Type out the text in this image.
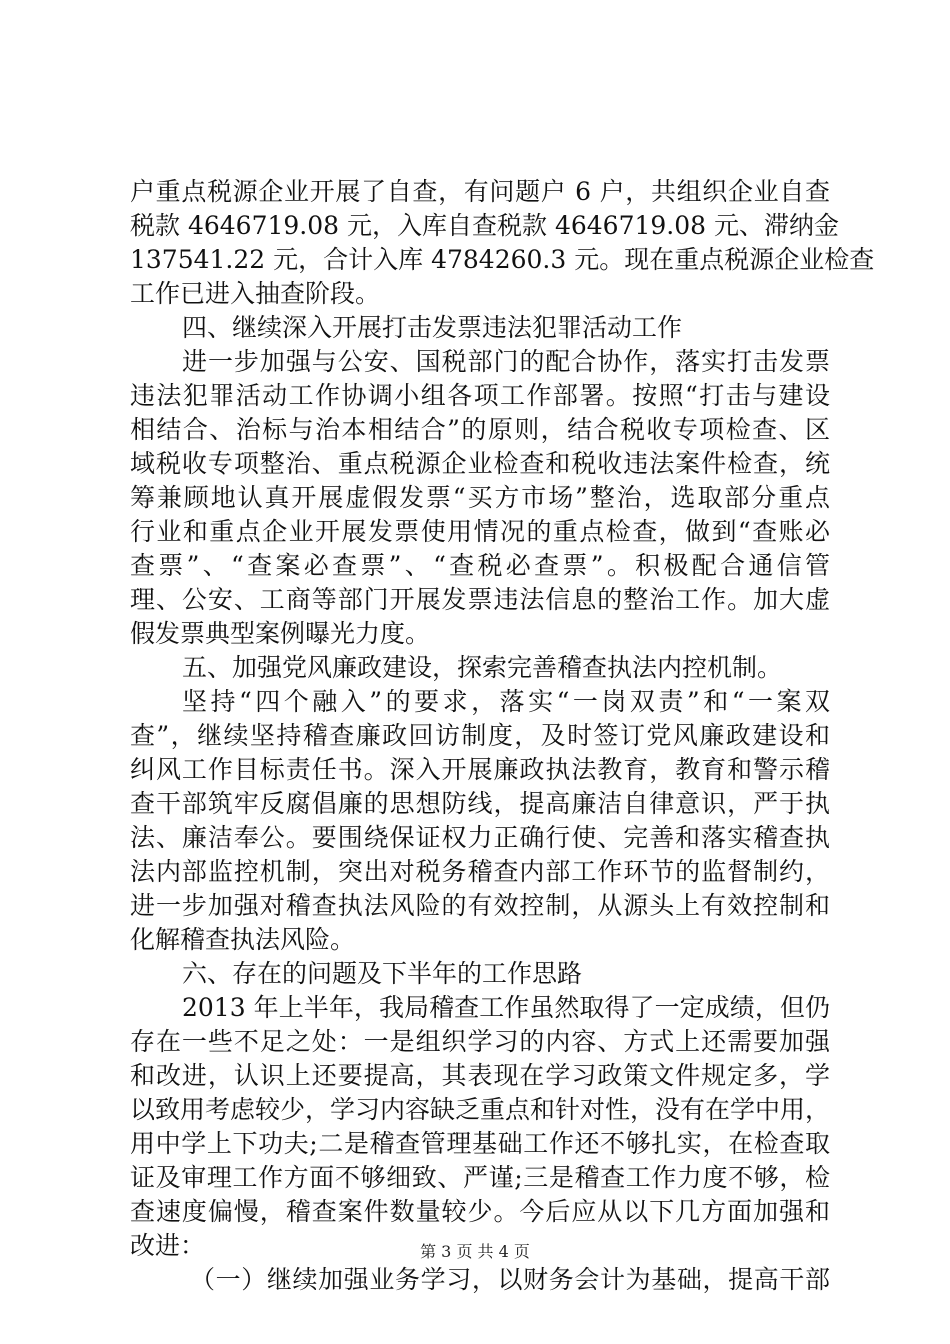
户重点税源企业开展了自查，有问题户 6 户，共组织企业自查
税款 4646719.08 元，入库自查税款 4646719.08 元、滞纳金
137541.22 元，合计入库 4784260.3 元。现在重点税源企业检查
工作已进入抽查阶段。
四、继续深入开展打击发票违法犯罪活动工作
进一步加强与公安、国税部门的配合协作，落实打击发票
违法犯罪活动工作协调小组各项工作部署。按照“打击与建设
相结合、治标与治本相结合”的原则，结合税收专项检查、区
域税收专项整治、重点税源企业检查和税收违法案件检查，统
筹兼顾地认真开展虚假发票“买方市场”整治，选取部分重点
行业和重点企业开展发票使用情况的重点检查，做到“查账必
查票”、“查案必查票”、“查税必查票”。积极配合通信管
理、公安、工商等部门开展发票违法信息的整治工作。加大虚
假发票典型案例曝光力度。
五、加强党风廉政建设，探索完善稽查执法内控机制。
坚持“四个融入”的要求，落实“一岗双责”和“一案双
查”，继续坚持稽查廉政回访制度，及时签订党风廉政建设和
纠风工作目标责任书。深入开展廉政执法教育，教育和警示稽
查干部筑牢反腐倡廉的思想防线，提高廉洁自律意识，严于执
法、廉洁奉公。要围绕保证权力正确行使、完善和落实稽查执
法内部监控机制，突出对税务稽查内部工作环节的监督制约，
进一步加强对稽查执法风险的有效控制，从源头上有效控制和
化解稽查执法风险。
六、存在的问题及下半年的工作思路
2013 年上半年，我局稽查工作虽然取得了一定成绩，但仍
存在一些不足之处：一是组织学习的内容、方式上还需要加强
和改进，认识上还要提高，其表现在学习政策文件规定多，学
以致用考虑较少，学习内容缺乏重点和针对性，没有在学中用，
用中学上下功夫;二是稽查管理基础工作还不够扎实，在检查取
证及审理工作方面不够细致、严谨;三是稽查工作力度不够，检
查速度偏慢，稽查案件数量较少。今后应从以下几方面加强和
改进：
（一）继续加强业务学习，以财务会计为基础，提高干部
第 3 页 共 4 页
